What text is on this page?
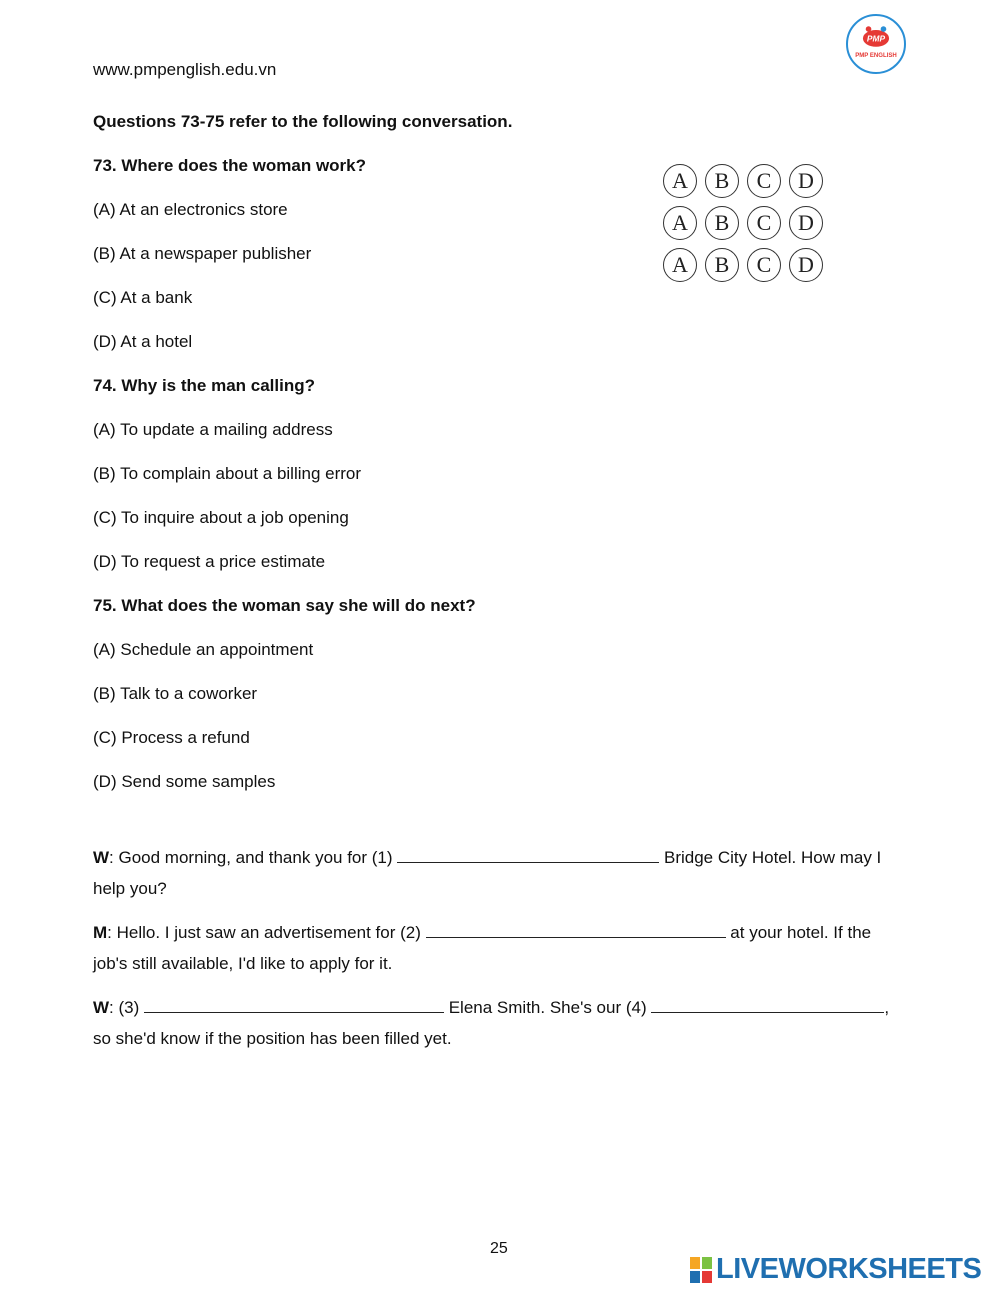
www.pmpenglish.edu.vn
PMP
PMP ENGLISH
Questions 73-75 refer to the following conversation.
73. Where does the woman work?
(A) At an electronics store
(B) At a newspaper publisher
(C) At a bank
(D) At a hotel
74. Why is the man calling?
(A) To update a mailing address
(B) To complain about a billing error
(C) To inquire about a job opening
(D) To request a price estimate
75. What does the woman say she will do next?
(A) Schedule an appointment
(B) Talk to a coworker
(C) Process a refund
(D) Send some samples
A	B	C	D
A	B	C	D
A	B	C	D
W: Good morning, and thank you for (1)	Bridge City Hotel. How may I help you?
M: Hello. I just saw an advertisement for (2)	at your hotel. If the job's still available, I'd like to apply for it.
W: (3)	Elena Smith. She's our (4)	, so she'd know if the position has been filled yet.
25
LIVEWORKSHEETS
